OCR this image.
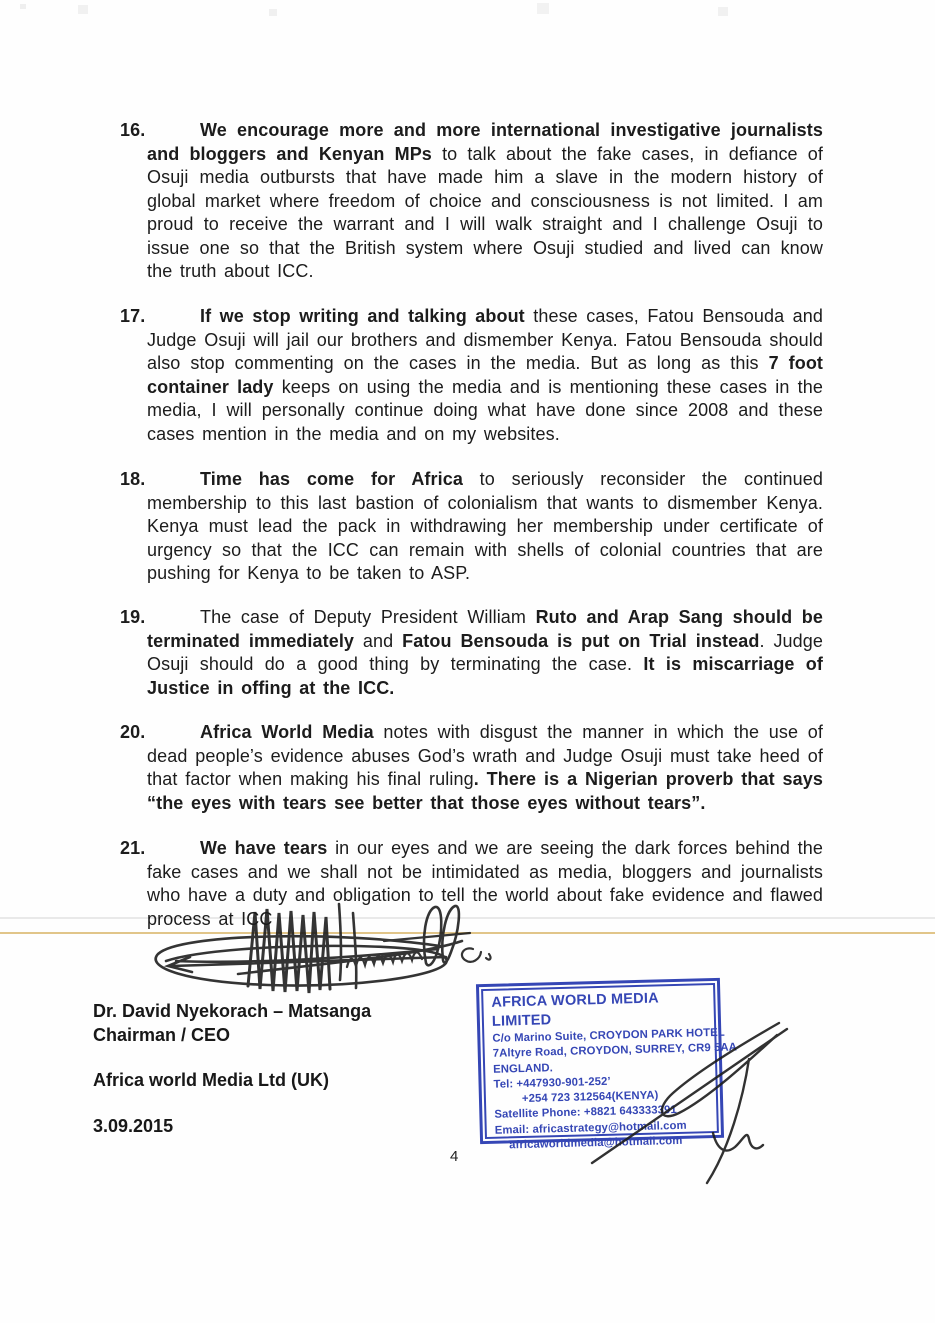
16.	We encourage more and more international investigative journalists and bloggers and Kenyan MPs to talk about the fake cases, in defiance of Osuji media outbursts that have made him a slave in the modern history of global market where freedom of choice and consciousness is not limited. I am proud to receive the warrant and I will walk straight and I challenge Osuji to issue one so that the British system where Osuji studied and lived can know the truth about ICC.
17.	If we stop writing and talking about these cases, Fatou Bensouda and Judge Osuji will jail our brothers and dismember Kenya. Fatou Bensouda should also stop commenting on the cases in the media. But as long as this 7 foot container lady keeps on using the media and is mentioning these cases in the media, I will personally continue doing what have done since 2008 and these cases mention in the media and on my websites.
18.	Time has come for Africa to seriously reconsider the continued membership to this last bastion of colonialism that wants to dismember Kenya. Kenya must lead the pack in withdrawing her membership under certificate of urgency so that the ICC can remain with shells of colonial countries that are pushing for Kenya to be taken to ASP.
19.	The case of Deputy President William Ruto and Arap Sang should be terminated immediately and Fatou Bensouda is put on Trial instead. Judge Osuji should do a good thing by terminating the case. It is miscarriage of Justice in offing at the ICC.
20.	Africa World Media notes with disgust the manner in which the use of dead people’s evidence abuses God’s wrath and Judge Osuji must take heed of that factor when making his final ruling. There is a Nigerian proverb that says “the eyes with tears see better that those eyes without tears”.
21.	We have tears in our eyes and we are seeing the dark forces behind the fake cases and we shall not be intimidated as media, bloggers and journalists who have a duty and obligation to tell the world about fake evidence and flawed process at ICC
Dr. David Nyekorach – Matsanga
Chairman / CEO
Africa world Media Ltd (UK)
3.09.2015
AFRICA WORLD MEDIA LIMITED
C/o Marino Suite, CROYDON PARK HOTEL
7Altyre Road, CROYDON, SURREY, CR9 5AA
ENGLAND.
Tel: +447930-901-252’
+254 723 312564(KENYA)
Satellite Phone: +8821 643333391
Email: africastrategy@hotmail.com
africaworldmedia@hotmail.com
4
